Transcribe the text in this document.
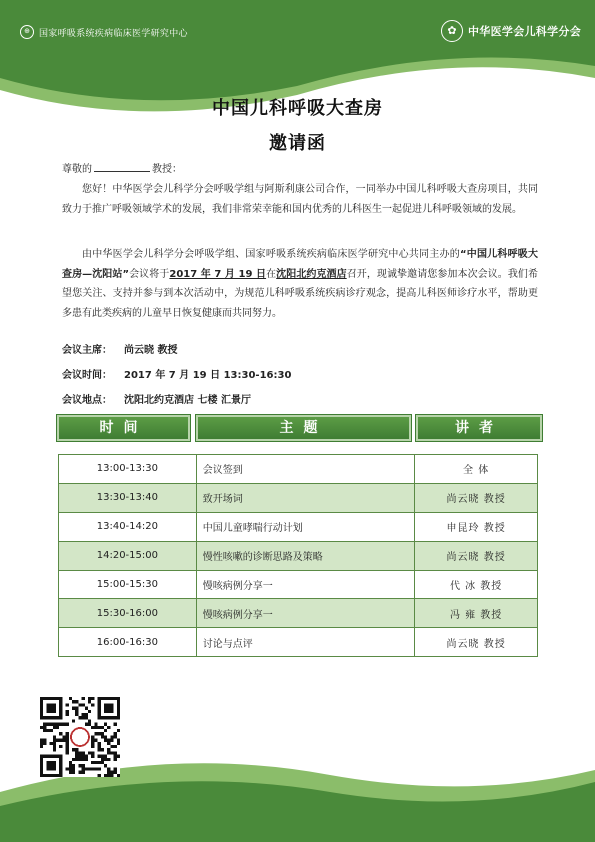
⊕	国家呼吸系统疾病临床医学研究中心	✿	中华医学会儿科学分会
中国儿科呼吸大查房
邀请函
尊敬的	教授：

您好！中华医学会儿科学分会呼吸学组与阿斯利康公司合作，一同举办中国儿科呼吸大查房项目，共同致力于推广呼吸领域学术的发展，我们非常荣幸能和国内优秀的儿科医生一起促进儿科呼吸领域的发展。

由中华医学会儿科学分会呼吸学组、国家呼吸系统疾病临床医学研究中心共同主办的“中国儿科呼吸大查房—沈阳站”会议将于2017 年 7 月 19 日在沈阳北约克酒店召开，现诚挚邀请您参加本次会议。我们希望您关注、支持并参与到本次活动中，为规范儿科呼吸系统疾病诊疗观念，提高儿科医师诊疗水平，帮助更多患有此类疾病的儿童早日恢复健康而共同努力。

会议主席： 尚云晓 教授
会议时间： 2017 年 7 月 19 日 13:30-16:30
会议地点： 沈阳北约克酒店 七楼 汇景厅
时间	主题	讲者
13:00-13:30	会议签到	全 体
13:30-13:40	致开场词	尚云晓 教授
13:40-14:20	中国儿童哮喘行动计划	申昆玲 教授
14:20-15:00	慢性咳嗽的诊断思路及策略	尚云晓 教授
15:00-15:30	慢咳病例分享一	代 冰 教授
15:30-16:00	慢咳病例分享一	冯 雍 教授
16:00-16:30	讨论与点评	尚云晓 教授
